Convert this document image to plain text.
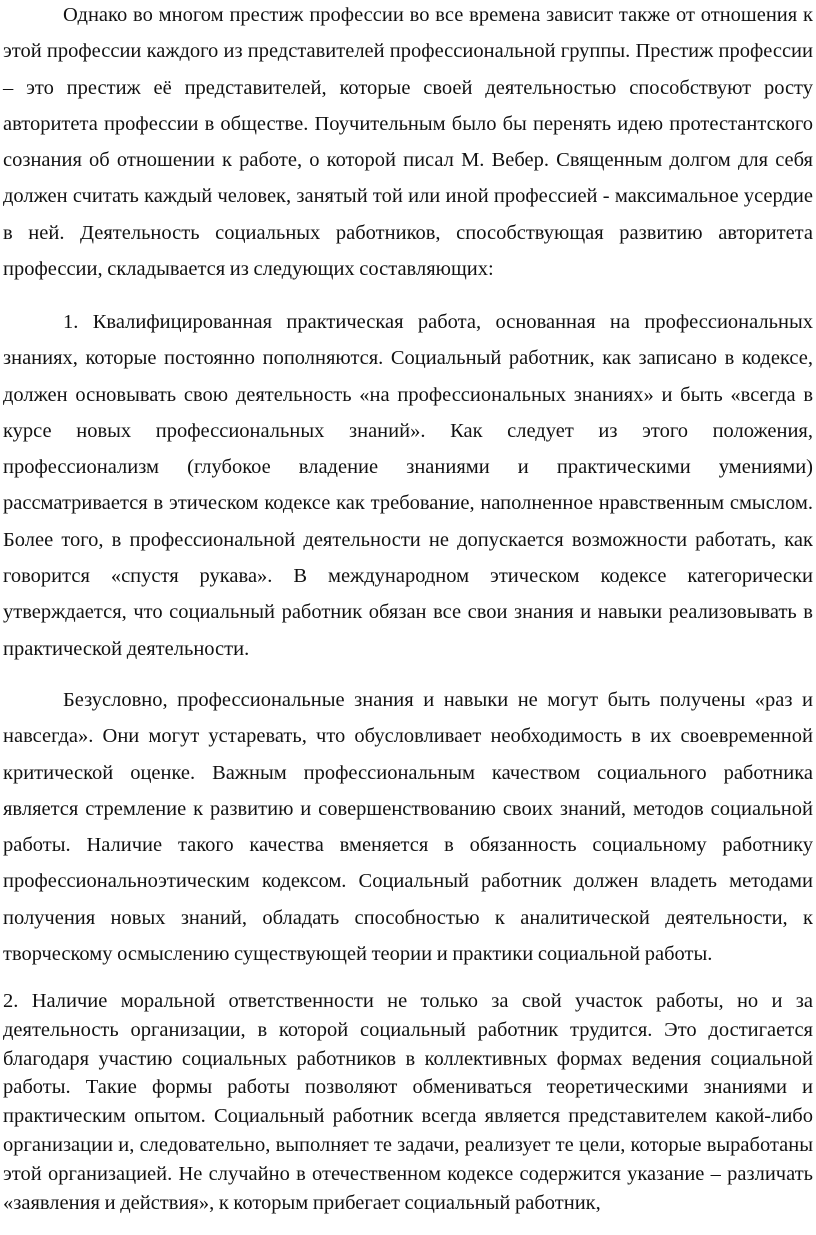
Однако во многом престиж профессии во все времена зависит также от отношения к этой профессии каждого из представителей профессиональной группы. Престиж профессии – это престиж её представителей, которые своей деятельностью способствуют росту авторитета профессии в обществе. Поучительным было бы перенять идею протестантского сознания об отношении к работе, о которой писал М. Вебер. Священным долгом для себя должен считать каждый человек, занятый той или иной профессией - максимальное усердие в ней. Деятельность социальных работников, способствующая развитию авторитета профессии, складывается из следующих составляющих:

1. Квалифицированная практическая работа, основанная на профессиональных знаниях, которые постоянно пополняются. Социальный работник, как записано в кодексе, должен основывать свою деятельность «на профессиональных знаниях» и быть «всегда в курсе новых профессиональных знаний». Как следует из этого положения, профессионализм (глубокое владение знаниями и практическими умениями) рассматривается в этическом кодексе как требование, наполненное нравственным смыслом. Более того, в профессиональной деятельности не допускается возможности работать, как говорится «спустя рукава». В международном этическом кодексе категорически утверждается, что социальный работник обязан все свои знания и навыки реализовывать в практической деятельности.

Безусловно, профессиональные знания и навыки не могут быть получены «раз и навсегда». Они могут устаревать, что обусловливает необходимость в их своевременной критической оценке. Важным профессиональным качеством социального работника является стремление к развитию и совершенствованию своих знаний, методов социальной работы. Наличие такого качества вменяется в обязанность социальному работнику профессиональноэтическим кодексом. Социальный работник должен владеть методами получения новых знаний, обладать способностью к аналитической деятельности, к творческому осмыслению существующей теории и практики социальной работы.

2. Наличие моральной ответственности не только за свой участок работы, но и за деятельность организации, в которой социальный работник трудится. Это достигается благодаря участию социальных работников в коллективных формах ведения социальной работы. Такие формы работы позволяют обмениваться теоретическими знаниями и практическим опытом. Социальный работник всегда является представителем какой-либо организации и, следовательно, выполняет те задачи, реализует те цели, которые выработаны этой организацией. Не случайно в отечественном кодексе содержится указание – различать «заявления и действия», к которым прибегает социальный работник,
